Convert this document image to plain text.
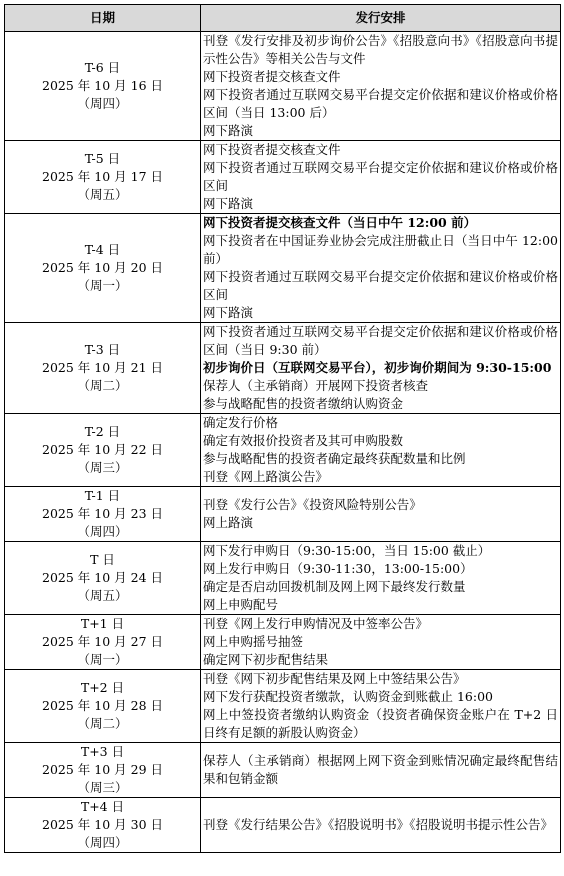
日期	发行安排

T-6 日
2025 年 10 月 16 日
（周四）	刊登《发行安排及初步询价公告》《招股意向书》《招股意向书提示性公告》等相关公告与文件
网下投资者提交核查文件
网下投资者通过互联网交易平台提交定价依据和建议价格或价格区间（当日 13:00 后）
网下路演

T-5 日
2025 年 10 月 17 日
（周五）	网下投资者提交核查文件
网下投资者通过互联网交易平台提交定价依据和建议价格或价格区间
网下路演

T-4 日
2025 年 10 月 20 日
（周一）	网下投资者提交核查文件（当日中午 12:00 前）
网下投资者在中国证券业协会完成注册截止日（当日中午 12:00 前）
网下投资者通过互联网交易平台提交定价依据和建议价格或价格区间
网下路演

T-3 日
2025 年 10 月 21 日
（周二）	网下投资者通过互联网交易平台提交定价依据和建议价格或价格区间（当日 9:30 前）
初步询价日（互联网交易平台），初步询价期间为 9:30-15:00
保荐人（主承销商）开展网下投资者核查
参与战略配售的投资者缴纳认购资金

T-2 日
2025 年 10 月 22 日
（周三）	确定发行价格
确定有效报价投资者及其可申购股数
参与战略配售的投资者确定最终获配数量和比例
刊登《网上路演公告》

T-1 日
2025 年 10 月 23 日
（周四）	刊登《发行公告》《投资风险特别公告》
网上路演

T 日
2025 年 10 月 24 日
（周五）	网下发行申购日（9:30-15:00，当日 15:00 截止）
网上发行申购日（9:30-11:30，13:00-15:00）
确定是否启动回拨机制及网上网下最终发行数量
网上申购配号

T+1 日
2025 年 10 月 27 日
（周一）	刊登《网上发行申购情况及中签率公告》
网上申购摇号抽签
确定网下初步配售结果

T+2 日
2025 年 10 月 28 日
（周二）	刊登《网下初步配售结果及网上中签结果公告》
网下发行获配投资者缴款，认购资金到账截止 16:00
网上中签投资者缴纳认购资金（投资者确保资金账户在 T+2 日日终有足额的新股认购资金）

T+3 日
2025 年 10 月 29 日
（周三）	保荐人（主承销商）根据网上网下资金到账情况确定最终配售结果和包销金额

T+4 日
2025 年 10 月 30 日
（周四）	刊登《发行结果公告》《招股说明书》《招股说明书提示性公告》
